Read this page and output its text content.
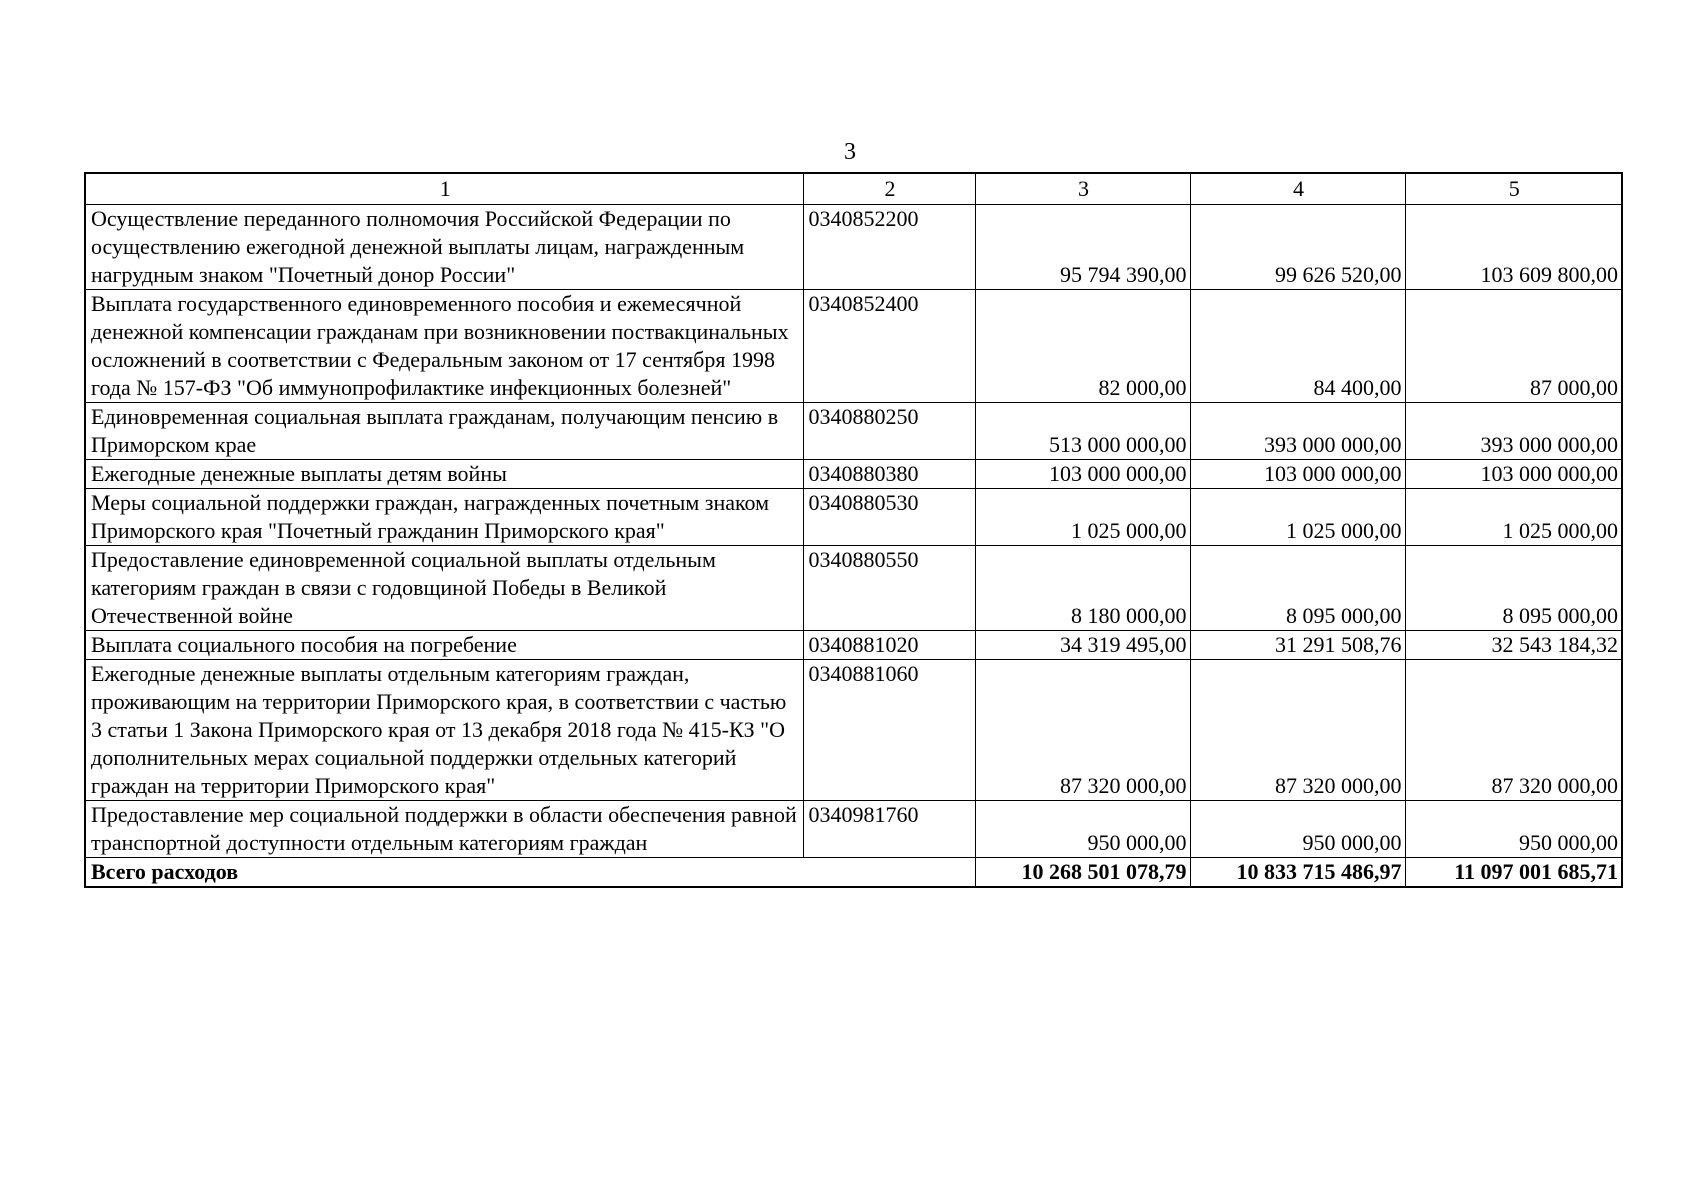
3
1	2	3	4	5
Осуществление переданного полномочия Российской Федерации по осуществлению ежегодной денежной выплаты лицам, награжденным нагрудным знаком "Почетный донор России"	0340852200	95 794 390,00	99 626 520,00	103 609 800,00
Выплата государственного единовременного пособия и ежемесячной денежной компенсации гражданам при возникновении поствакцинальных осложнений в соответствии с Федеральным законом от 17 сентября 1998 года № 157-ФЗ "Об иммунопрофилактике инфекционных болезней"	0340852400	82 000,00	84 400,00	87 000,00
Единовременная социальная выплата гражданам, получающим пенсию в Приморском крае	0340880250	513 000 000,00	393 000 000,00	393 000 000,00
Ежегодные денежные выплаты детям войны	0340880380	103 000 000,00	103 000 000,00	103 000 000,00
Меры социальной поддержки граждан, награжденных почетным знаком Приморского края "Почетный гражданин Приморского края"	0340880530	1 025 000,00	1 025 000,00	1 025 000,00
Предоставление единовременной социальной выплаты отдельным категориям граждан в связи с годовщиной Победы в Великой Отечественной войне	0340880550	8 180 000,00	8 095 000,00	8 095 000,00
Выплата социального пособия на погребение	0340881020	34 319 495,00	31 291 508,76	32 543 184,32
Ежегодные денежные выплаты отдельным категориям граждан, проживающим на территории Приморского края, в соответствии с частью 3 статьи 1 Закона Приморского края от 13 декабря 2018 года № 415-КЗ "О дополнительных мерах социальной поддержки отдельных категорий граждан на территории Приморского края"	0340881060	87 320 000,00	87 320 000,00	87 320 000,00
Предоставление мер социальной поддержки в области обеспечения равной транспортной доступности отдельным категориям граждан	0340981760	950 000,00	950 000,00	950 000,00
Всего расходов		10 268 501 078,79	10 833 715 486,97	11 097 001 685,71
